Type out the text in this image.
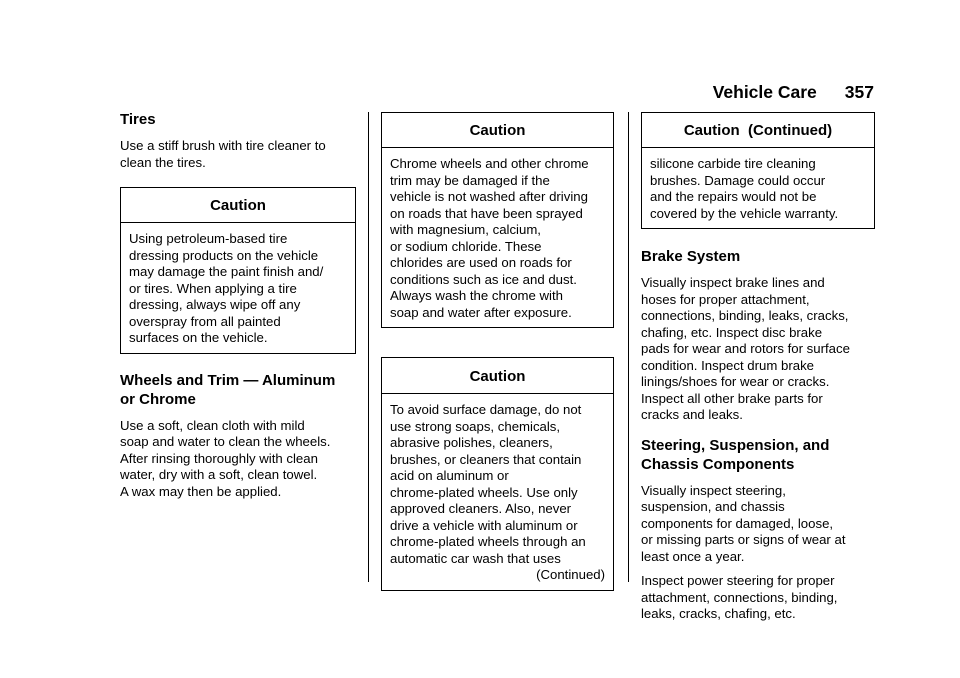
Vehicle Care 357
Tires

Use a stiff brush with tire cleaner to clean the tires.

Caution
Using petroleum-based tire
dressing products on the vehicle
may damage the paint finish and/
or tires. When applying a tire
dressing, always wipe off any
overspray from all painted
surfaces on the vehicle.
Wheels and Trim — Aluminum
or Chrome

Use a soft, clean cloth with mild
soap and water to clean the wheels.
After rinsing thoroughly with clean
water, dry with a soft, clean towel.
A wax may then be applied.

Caution
Chrome wheels and other chrome
trim may be damaged if the
vehicle is not washed after driving
on roads that have been sprayed
with magnesium, calcium,
or sodium chloride. These
chlorides are used on roads for
conditions such as ice and dust.
Always wash the chrome with
soap and water after exposure.
Caution
To avoid surface damage, do not
use strong soaps, chemicals,
abrasive polishes, cleaners,
brushes, or cleaners that contain
acid on aluminum or
chrome-plated wheels. Use only
approved cleaners. Also, never
drive a vehicle with aluminum or
chrome-plated wheels through an
automatic car wash that uses
(Continued)
Caution  (Continued)
silicone carbide tire cleaning
brushes. Damage could occur
and the repairs would not be
covered by the vehicle warranty.
Brake System

Visually inspect brake lines and
hoses for proper attachment,
connections, binding, leaks, cracks,
chafing, etc. Inspect disc brake
pads for wear and rotors for surface
condition. Inspect drum brake
linings/shoes for wear or cracks.
Inspect all other brake parts for
cracks and leaks.

Steering, Suspension, and
Chassis Components

Visually inspect steering,
suspension, and chassis
components for damaged, loose,
or missing parts or signs of wear at
least once a year.

Inspect power steering for proper
attachment, connections, binding,
leaks, cracks, chafing, etc.
